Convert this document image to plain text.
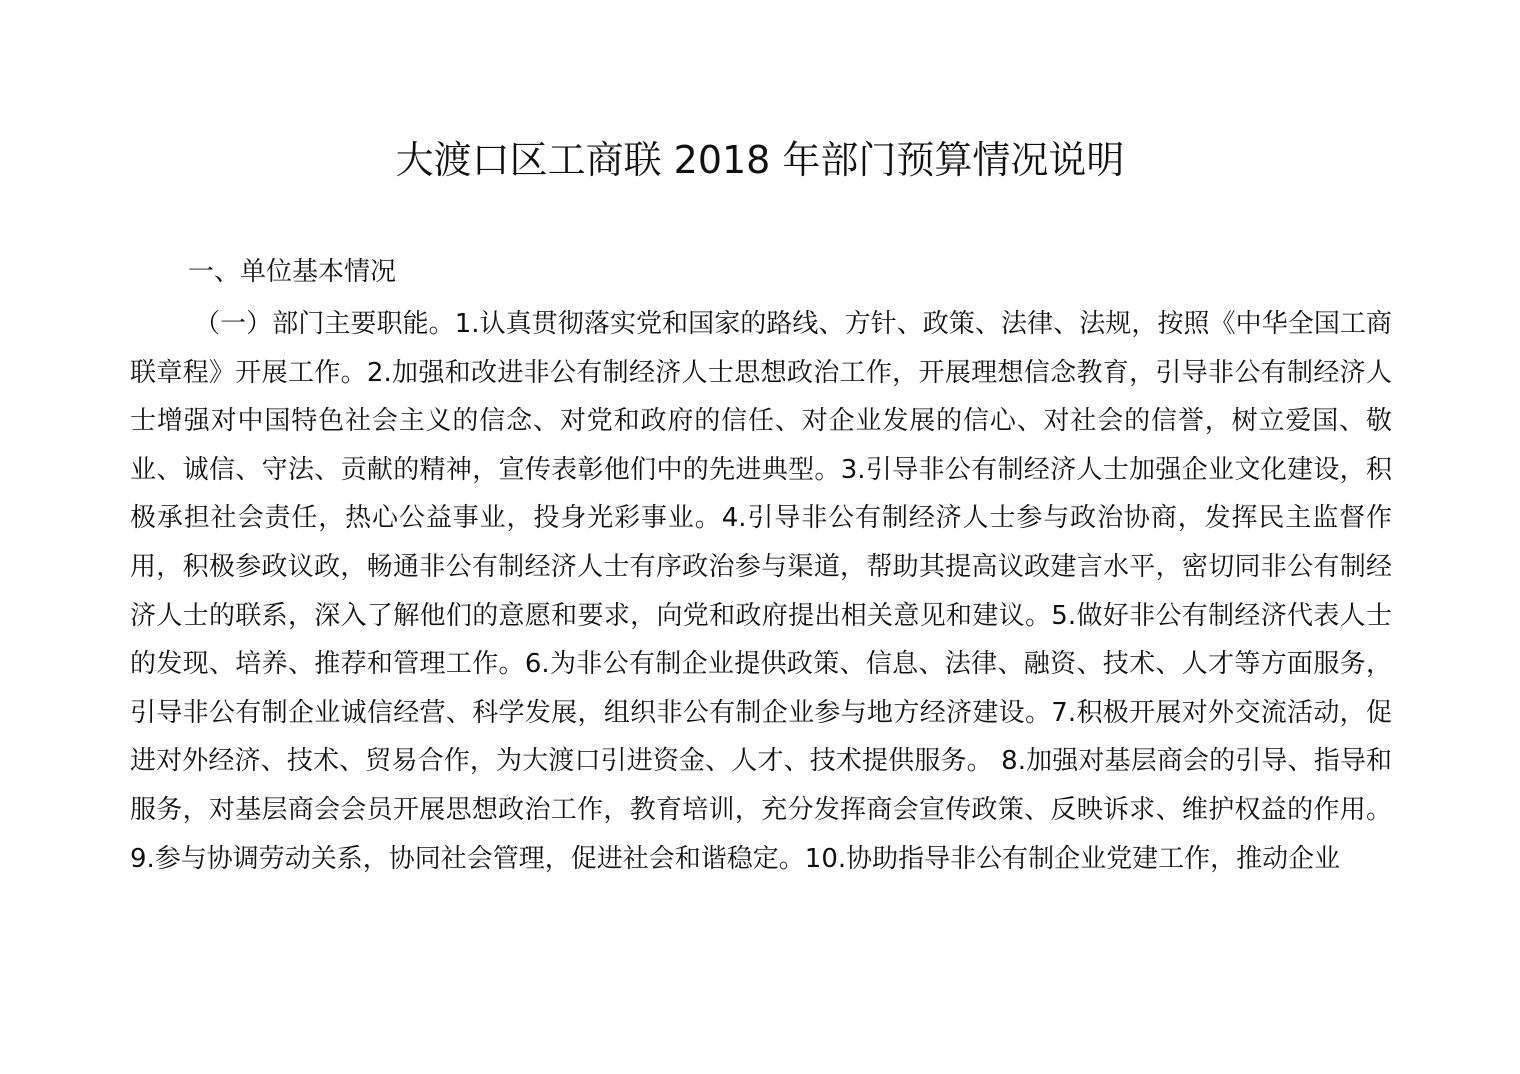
大渡口区工商联 2018 年部门预算情况说明

一、单位基本情况

（一）部门主要职能。1.认真贯彻落实党和国家的路线、方针、政策、法律、法规，按照《中华全国工商联章程》开展工作。2.加强和改进非公有制经济人士思想政治工作，开展理想信念教育，引导非公有制经济人士增强对中国特色社会主义的信念、对党和政府的信任、对企业发展的信心、对社会的信誉，树立爱国、敬业、诚信、守法、贡献的精神，宣传表彰他们中的先进典型。3.引导非公有制经济人士加强企业文化建设，积极承担社会责任，热心公益事业，投身光彩事业。4.引导非公有制经济人士参与政治协商，发挥民主监督作用，积极参政议政，畅通非公有制经济人士有序政治参与渠道，帮助其提高议政建言水平，密切同非公有制经济人士的联系，深入了解他们的意愿和要求，向党和政府提出相关意见和建议。5.做好非公有制经济代表人士的发现、培养、推荐和管理工作。6.为非公有制企业提供政策、信息、法律、融资、技术、人才等方面服务，引导非公有制企业诚信经营、科学发展，组织非公有制企业参与地方经济建设。7.积极开展对外交流活动，促进对外经济、技术、贸易合作，为大渡口引进资金、人才、技术提供服务。 8.加强对基层商会的引导、指导和服务，对基层商会会员开展思想政治工作，教育培训，充分发挥商会宣传政策、反映诉求、维护权益的作用。9.参与协调劳动关系，协同社会管理，促进社会和谐稳定。10.协助指导非公有制企业党建工作，推动企业
